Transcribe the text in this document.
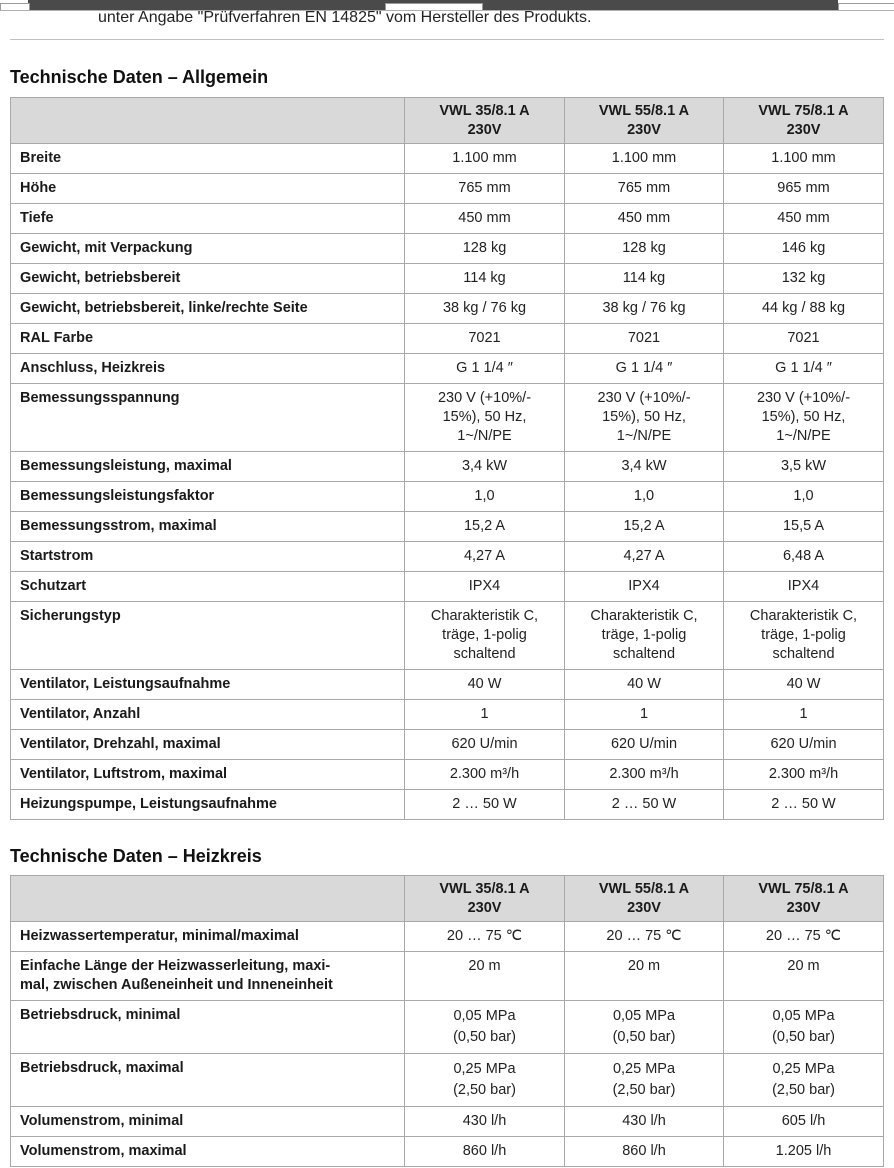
unter Angabe "Prüfverfahren EN 14825" vom Hersteller des Produkts.
Technische Daten – Allgemein

	VWL 35/8.1 A
230V	VWL 55/8.1 A
230V	VWL 75/8.1 A
230V

Breite	1.100 mm	1.100 mm	1.100 mm

Höhe	765 mm	765 mm	965 mm

Tiefe	450 mm	450 mm	450 mm

Gewicht, mit Verpackung	128 kg	128 kg	146 kg

Gewicht, betriebsbereit	114 kg	114 kg	132 kg

Gewicht, betriebsbereit, linke/rechte Seite	38 kg / 76 kg	38 kg / 76 kg	44 kg / 88 kg

RAL Farbe	7021	7021	7021

Anschluss, Heizkreis	G 1 1/4 ″	G 1 1/4 ″	G 1 1/4 ″

Bemessungsspannung	230 V (+10%/-
15%), 50 Hz,
1~/N/PE	230 V (+10%/-
15%), 50 Hz,
1~/N/PE	230 V (+10%/-
15%), 50 Hz,
1~/N/PE

Bemessungsleistung, maximal	3,4 kW	3,4 kW	3,5 kW

Bemessungsleistungsfaktor	1,0	1,0	1,0

Bemessungsstrom, maximal	15,2 A	15,2 A	15,5 A

Startstrom	4,27 A	4,27 A	6,48 A

Schutzart	IPX4	IPX4	IPX4

Sicherungstyp	Charakteristik C,
träge, 1-polig
schaltend	Charakteristik C,
träge, 1-polig
schaltend	Charakteristik C,
träge, 1-polig
schaltend

Ventilator, Leistungsaufnahme	40 W	40 W	40 W

Ventilator, Anzahl	1	1	1

Ventilator, Drehzahl, maximal	620 U/min	620 U/min	620 U/min

Ventilator, Luftstrom, maximal	2.300 m³/h	2.300 m³/h	2.300 m³/h

Heizungspumpe, Leistungsaufnahme	2 … 50 W	2 … 50 W	2 … 50 W
Technische Daten – Heizkreis

	VWL 35/8.1 A
230V	VWL 55/8.1 A
230V	VWL 75/8.1 A
230V

Heizwassertemperatur, minimal/maximal	20 … 75 ℃	20 … 75 ℃	20 … 75 ℃

Einfache Länge der Heizwasserleitung, maxi-
mal, zwischen Außeneinheit und Inneneinheit	20 m	20 m	20 m

Betriebsdruck, minimal	0,05 MPa
(0,50 bar)	0,05 MPa
(0,50 bar)	0,05 MPa
(0,50 bar)

Betriebsdruck, maximal	0,25 MPa
(2,50 bar)	0,25 MPa
(2,50 bar)	0,25 MPa
(2,50 bar)

Volumenstrom, minimal	430 l/h	430 l/h	605 l/h

Volumenstrom, maximal	860 l/h	860 l/h	1.205 l/h
